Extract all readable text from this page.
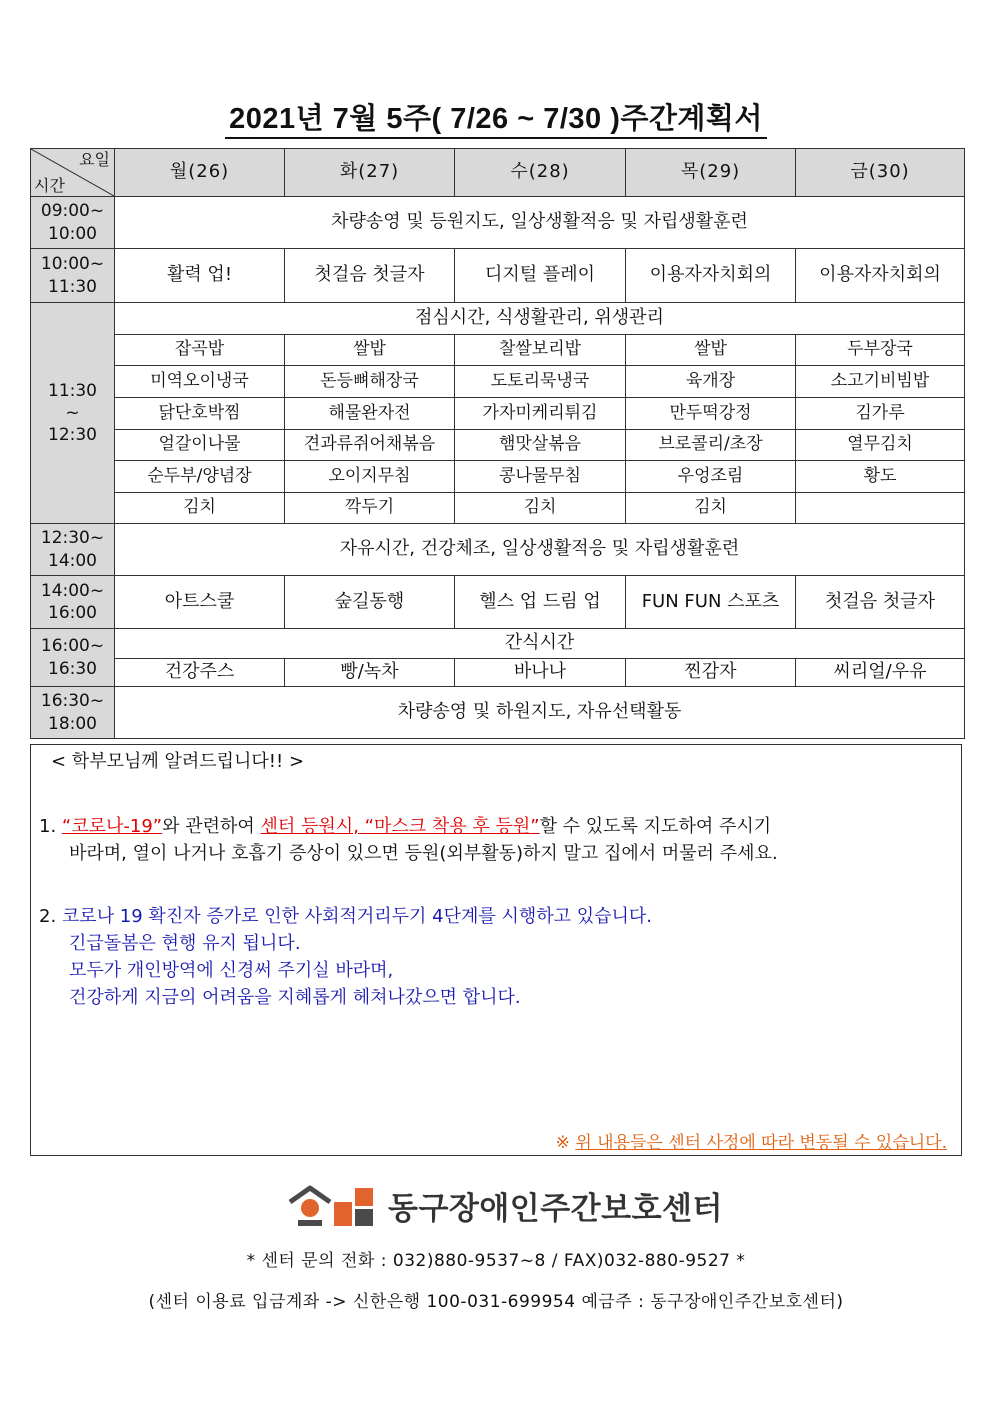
2021년 7월 5주( 7/26 ~ 7/30 )주간계획서
요일
시간	월(26)	화(27)	수(28)	목(29)	금(30)
09:00~
10:00	차량송영 및 등원지도, 일상생활적응 및 자립생활훈련				
10:00~
11:30	활력 업!	첫걸음 첫글자	디지털 플레이	이용자자치회의	이용자자치회의
11:30
~
12:30	점심시간, 식생활관리, 위생관리				
	잡곡밥	쌀밥	찰쌀보리밥	쌀밥	두부장국
	미역오이냉국	돈등뼈해장국	도토리묵냉국	육개장	소고기비빔밥
	닭단호박찜	해물완자전	가자미케리튀김	만두떡강정	김가루
	얼갈이나물	견과류쥐어채볶음	햄맛살볶음	브로콜리/초장	열무김치
	순두부/양념장	오이지무침	콩나물무침	우엉조림	황도
	김치	깍두기	김치	김치	
12:30~
14:00	자유시간, 건강체조, 일상생활적응 및 자립생활훈련				
14:00~
16:00	아트스쿨	숲길동행	헬스 업 드림 업	FUN FUN 스포츠	첫걸음 첫글자
16:00~
16:30	간식시간				
	건강주스	빵/녹차	바나나	찐감자	씨리얼/우유
16:30~
18:00	차량송영 및 하원지도, 자유선택활동				
< 학부모님께 알려드립니다!! >
1. “코로나-19”와 관련하여 센터 등원시, “마스크 착용 후 등원”할 수 있도록 지도하여 주시기
바라며, 열이 나거나 호흡기 증상이 있으면 등원(외부활동)하지 말고 집에서 머물러 주세요.
2. 코로나 19 확진자 증가로 인한 사회적거리두기 4단계를 시행하고 있습니다.
긴급돌봄은 현행 유지 됩니다.
모두가 개인방역에 신경써 주기실 바라며,
건강하게 지금의 어려움을 지혜롭게 헤쳐나갔으면 합니다.
※ 위 내용들은 센터 사정에 따라 변동될 수 있습니다.
동구장애인주간보호센터
* 센터 문의 전화 : 032)880-9537~8 / FAX)032-880-9527 *
(센터 이용료 입금계좌 -> 신한은행 100-031-699954 예금주 : 동구장애인주간보호센터)
